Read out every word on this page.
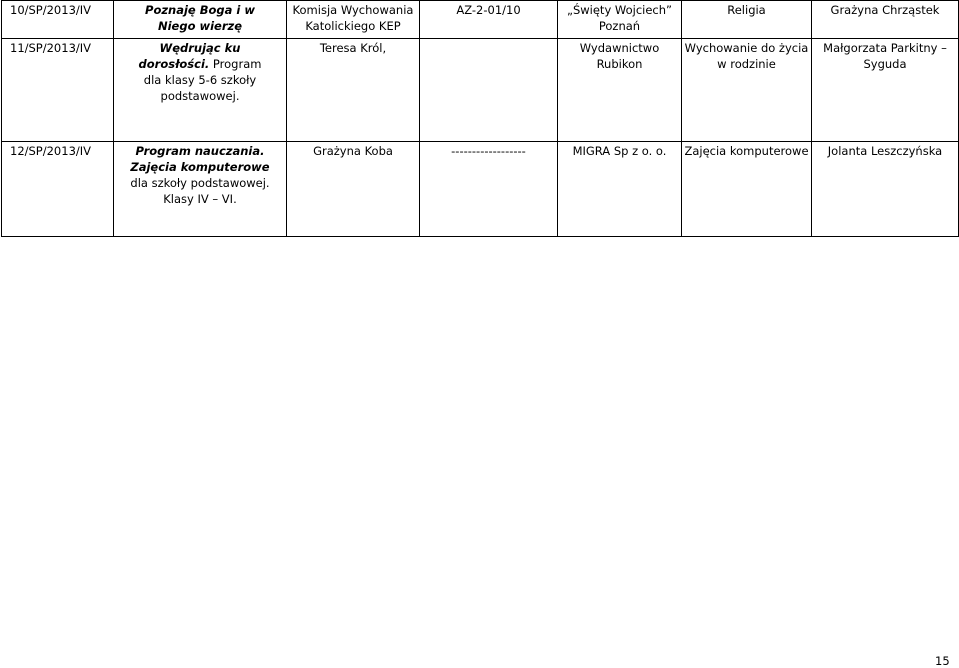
10/SP/2013/IV	Poznaję Boga i w
Niego wierzę	Komisja Wychowania
Katolickiego KEP	AZ-2-01/10	„Święty Wojciech”
Poznań	Religia	Grażyna Chrząstek
11/SP/2013/IV	Wędrując ku
dorosłości. Program
dla klasy 5-6 szkoły
podstawowej.	Teresa Król,		Wydawnictwo
Rubikon	Wychowanie do życia
w rodzinie	Małgorzata Parkitny –
Syguda
12/SP/2013/IV	Program nauczania.
Zajęcia komputerowe
dla szkoły podstawowej.
Klasy IV – VI.	Grażyna Koba	------------------	MIGRA Sp z o. o.	Zajęcia komputerowe	Jolanta Leszczyńska
15
